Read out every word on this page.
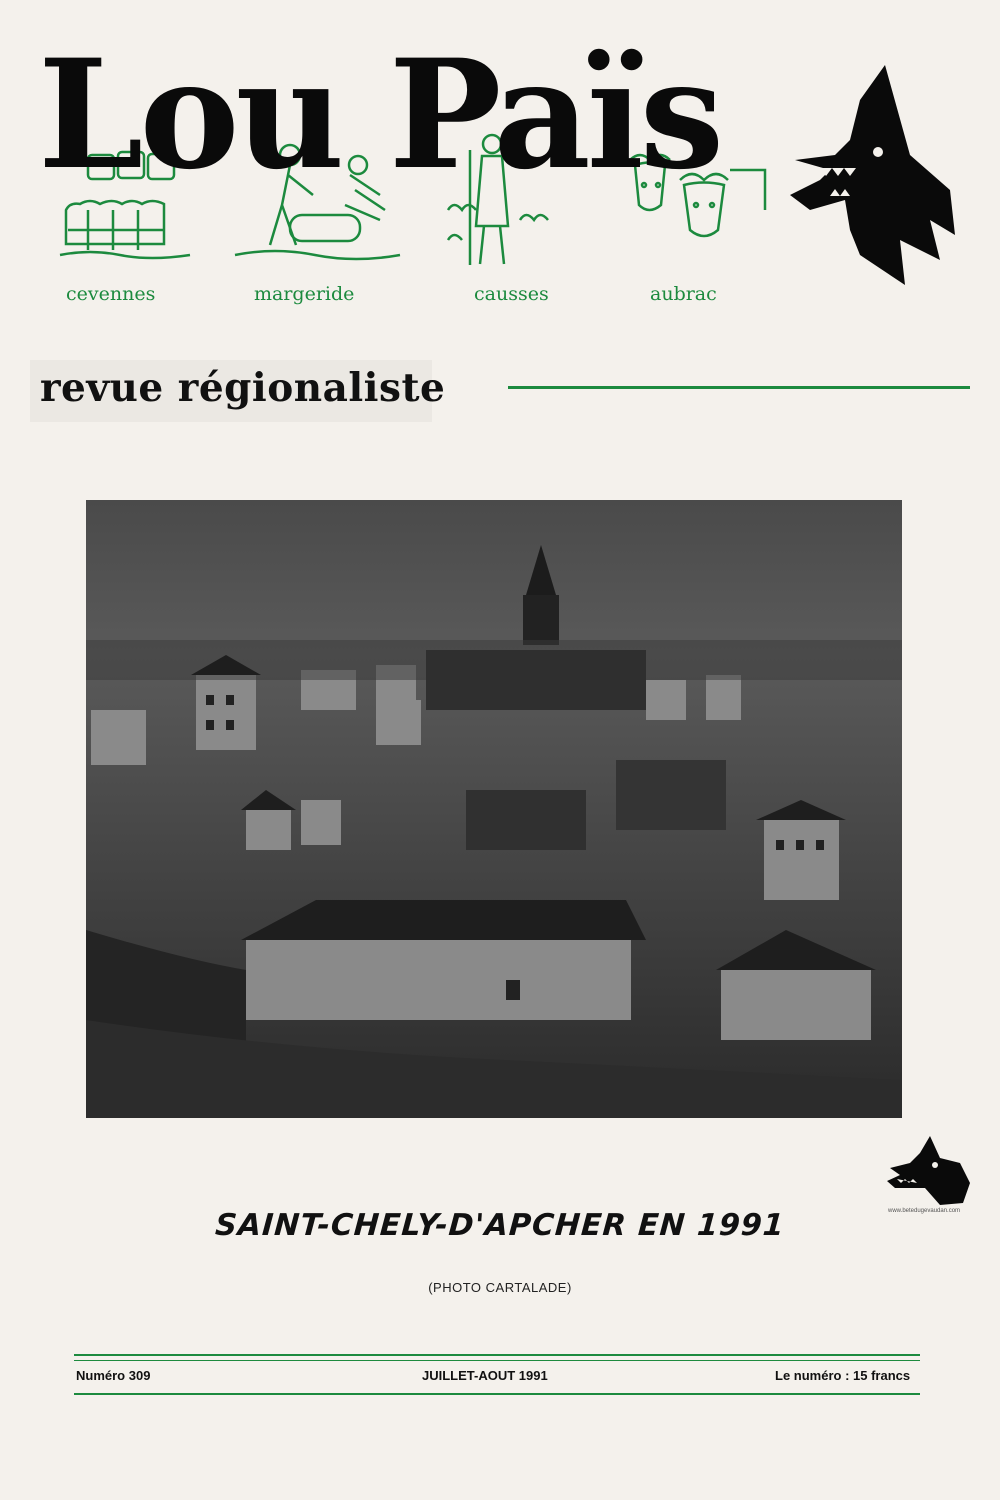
Lou Païs
cevennes	margeride	causses	aubrac
revue régionaliste
www.betedugevaudan.com
SAINT-CHELY-D'APCHER EN 1991
(PHOTO CARTALADE)
Numéro 309	JUILLET-AOUT 1991	Le numéro : 15 francs
